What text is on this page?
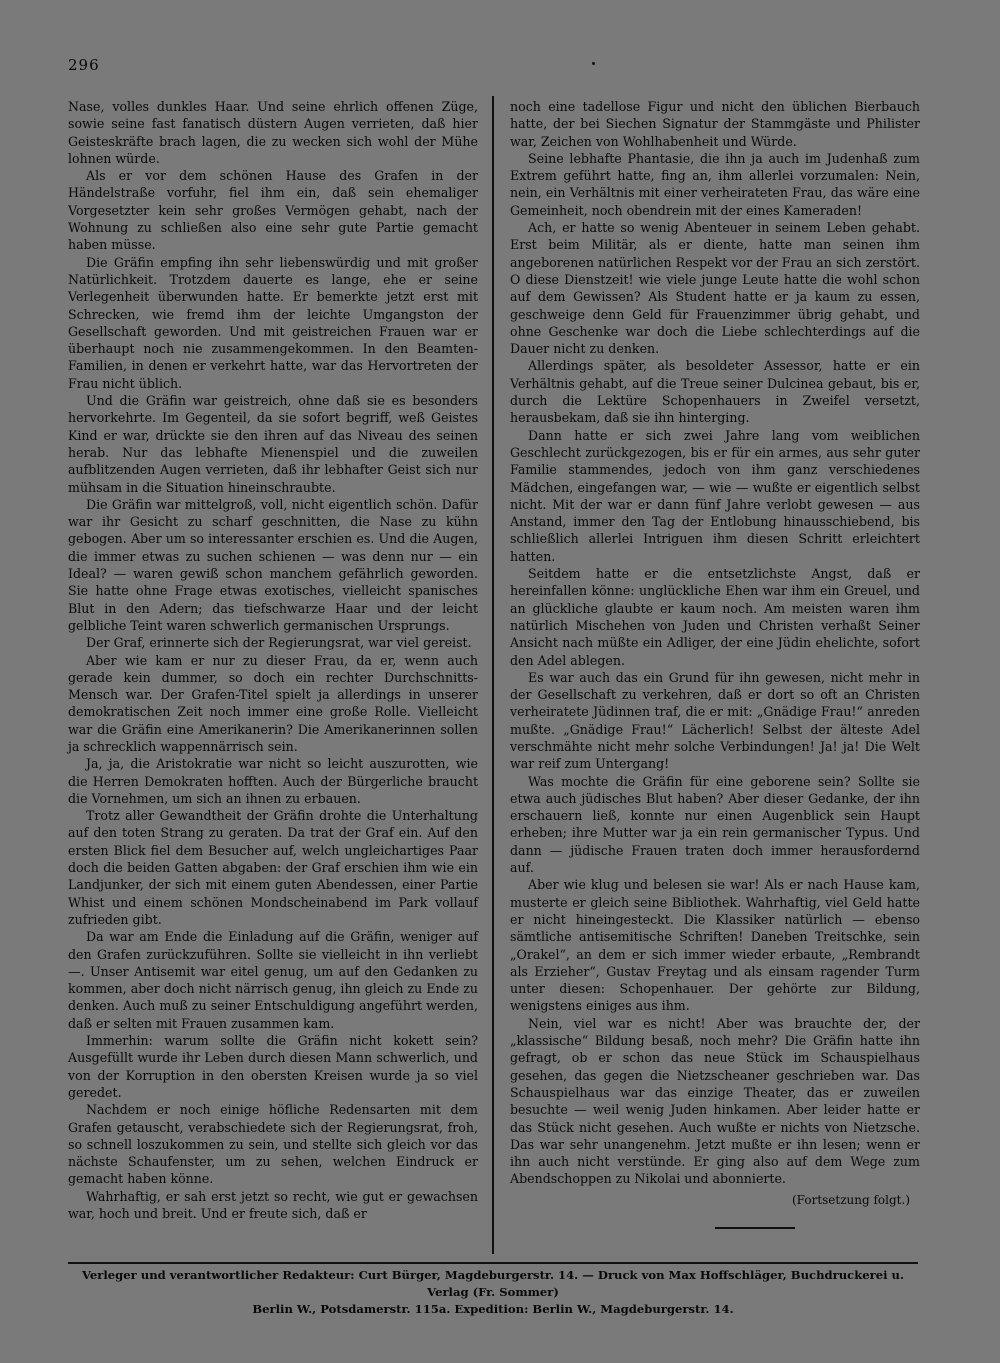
296

Nase, volles dunkles Haar. Und seine ehrlich offenen Züge, sowie seine fast fanatisch düstern Augen verrieten, daß hier Geisteskräfte brach lagen, die zu wecken sich wohl der Mühe lohnen würde.

Als er vor dem schönen Hause des Grafen in der Händelstraße vorfuhr, fiel ihm ein, daß sein ehemaliger Vorgesetzter kein sehr großes Vermögen gehabt, nach der Wohnung zu schließen also eine sehr gute Partie gemacht haben müsse.

Die Gräfin empfing ihn sehr liebenswürdig und mit großer Natürlichkeit. Trotzdem dauerte es lange, ehe er seine Verlegenheit überwunden hatte. Er bemerkte jetzt erst mit Schrecken, wie fremd ihm der leichte Umgangston der Gesellschaft geworden. Und mit geistreichen Frauen war er überhaupt noch nie zusammengekommen. In den Beamten-Familien, in denen er verkehrt hatte, war das Hervortreten der Frau nicht üblich.

Und die Gräfin war geistreich, ohne daß sie es besonders hervorkehrte. Im Gegenteil, da sie sofort begriff, weß Geistes Kind er war, drückte sie den ihren auf das Niveau des seinen herab. Nur das lebhafte Mienenspiel und die zuweilen aufblitzenden Augen verrieten, daß ihr lebhafter Geist sich nur mühsam in die Situation hineinschraubte.

Die Gräfin war mittelgroß, voll, nicht eigentlich schön. Dafür war ihr Gesicht zu scharf geschnitten, die Nase zu kühn gebogen. Aber um so interessanter erschien es. Und die Augen, die immer etwas zu suchen schienen — was denn nur — ein Ideal? — waren gewiß schon manchem gefährlich geworden. Sie hatte ohne Frage etwas exotisches, vielleicht spanisches Blut in den Adern; das tiefschwarze Haar und der leicht gelbliche Teint waren schwerlich germanischen Ursprungs.

Der Graf, erinnerte sich der Regierungsrat, war viel gereist.

Aber wie kam er nur zu dieser Frau, da er, wenn auch gerade kein dummer, so doch ein rechter Durchschnitts-Mensch war. Der Grafen-Titel spielt ja allerdings in unserer demokratischen Zeit noch immer eine große Rolle. Vielleicht war die Gräfin eine Amerikanerin? Die Amerikanerinnen sollen ja schrecklich wappennärrisch sein.

Ja, ja, die Aristokratie war nicht so leicht auszurotten, wie die Herren Demokraten hofften. Auch der Bürgerliche braucht die Vornehmen, um sich an ihnen zu erbauen.

Trotz aller Gewandtheit der Gräfin drohte die Unterhaltung auf den toten Strang zu geraten. Da trat der Graf ein. Auf den ersten Blick fiel dem Besucher auf, welch ungleichartiges Paar doch die beiden Gatten abgaben: der Graf erschien ihm wie ein Landjunker, der sich mit einem guten Abendessen, einer Partie Whist und einem schönen Mondscheinabend im Park vollauf zufrieden gibt.

Da war am Ende die Einladung auf die Gräfin, weniger auf den Grafen zurückzuführen. Sollte sie vielleicht in ihn verliebt —. Unser Antisemit war eitel genug, um auf den Gedanken zu kommen, aber doch nicht närrisch genug, ihn gleich zu Ende zu denken. Auch muß zu seiner Entschuldigung angeführt werden, daß er selten mit Frauen zusammen kam.

Immerhin: warum sollte die Gräfin nicht kokett sein? Ausgefüllt wurde ihr Leben durch diesen Mann schwerlich, und von der Korruption in den obersten Kreisen wurde ja so viel geredet.

Nachdem er noch einige höfliche Redensarten mit dem Grafen getauscht, verabschiedete sich der Regierungsrat, froh, so schnell loszukommen zu sein, und stellte sich gleich vor das nächste Schaufenster, um zu sehen, welchen Eindruck er gemacht haben könne.

Wahrhaftig, er sah erst jetzt so recht, wie gut er gewachsen war, hoch und breit. Und er freute sich, daß er

noch eine tadellose Figur und nicht den üblichen Bierbauch hatte, der bei Siechen Signatur der Stammgäste und Philister war, Zeichen von Wohlhabenheit und Würde.

Seine lebhafte Phantasie, die ihn ja auch im Judenhaß zum Extrem geführt hatte, fing an, ihm allerlei vorzumalen: Nein, nein, ein Verhältnis mit einer verheirateten Frau, das wäre eine Gemeinheit, noch obendrein mit der eines Kameraden!

Ach, er hatte so wenig Abenteuer in seinem Leben gehabt. Erst beim Militär, als er diente, hatte man seinen ihm angeborenen natürlichen Respekt vor der Frau an sich zerstört. O diese Dienstzeit! wie viele junge Leute hatte die wohl schon auf dem Gewissen? Als Student hatte er ja kaum zu essen, geschweige denn Geld für Frauenzimmer übrig gehabt, und ohne Geschenke war doch die Liebe schlechterdings auf die Dauer nicht zu denken.

Allerdings später, als besoldeter Assessor, hatte er ein Verhältnis gehabt, auf die Treue seiner Dulcinea gebaut, bis er, durch die Lektüre Schopenhauers in Zweifel versetzt, herausbekam, daß sie ihn hinterging.

Dann hatte er sich zwei Jahre lang vom weiblichen Geschlecht zurückgezogen, bis er für ein armes, aus sehr guter Familie stammendes, jedoch von ihm ganz verschiedenes Mädchen, eingefangen war, — wie — wußte er eigentlich selbst nicht. Mit der war er dann fünf Jahre verlobt gewesen — aus Anstand, immer den Tag der Entlobung hinausschiebend, bis schließlich allerlei Intriguen ihm diesen Schritt erleichtert hatten.

Seitdem hatte er die entsetzlichste Angst, daß er hereinfallen könne: unglückliche Ehen war ihm ein Greuel, und an glückliche glaubte er kaum noch. Am meisten waren ihm natürlich Mischehen von Juden und Christen verhaßt Seiner Ansicht nach müßte ein Adliger, der eine Jüdin ehelichte, sofort den Adel ablegen.

Es war auch das ein Grund für ihn gewesen, nicht mehr in der Gesellschaft zu verkehren, daß er dort so oft an Christen verheiratete Jüdinnen traf, die er mit: „Gnädige Frau!“ anreden mußte. „Gnädige Frau!“ Lächerlich! Selbst der älteste Adel verschmähte nicht mehr solche Verbindungen! Ja! ja! Die Welt war reif zum Untergang!

Was mochte die Gräfin für eine geborene sein? Sollte sie etwa auch jüdisches Blut haben? Aber dieser Gedanke, der ihn erschauern ließ, konnte nur einen Augenblick sein Haupt erheben; ihre Mutter war ja ein rein germanischer Typus. Und dann — jüdische Frauen traten doch immer herausfordernd auf.

Aber wie klug und belesen sie war! Als er nach Hause kam, musterte er gleich seine Bibliothek. Wahrhaftig, viel Geld hatte er nicht hineingesteckt. Die Klassiker natürlich — ebenso sämtliche antisemitische Schriften! Daneben Treitschke, sein „Orakel“, an dem er sich immer wieder erbaute, „Rembrandt als Erzieher“, Gustav Freytag und als einsam ragender Turm unter diesen: Schopenhauer. Der gehörte zur Bildung, wenigstens einiges aus ihm.

Nein, viel war es nicht! Aber was brauchte der, der „klassische“ Bildung besaß, noch mehr? Die Gräfin hatte ihn gefragt, ob er schon das neue Stück im Schauspielhaus gesehen, das gegen die Nietzscheaner geschrieben war. Das Schauspielhaus war das einzige Theater, das er zuweilen besuchte — weil wenig Juden hinkamen. Aber leider hatte er das Stück nicht gesehen. Auch wußte er nichts von Nietzsche. Das war sehr unangenehm. Jetzt mußte er ihn lesen; wenn er ihn auch nicht verstünde. Er ging also auf dem Wege zum Abendschoppen zu Nikolai und abonnierte.

(Fortsetzung folgt.)
Verleger und verantwortlicher Redakteur: Curt Bürger, Magdeburgerstr. 14. — Druck von Max Hoffschläger, Buchdruckerei u. Verlag (Fr. Sommer)
Berlin W., Potsdamerstr. 115a. Expedition: Berlin W., Magdeburgerstr. 14.
